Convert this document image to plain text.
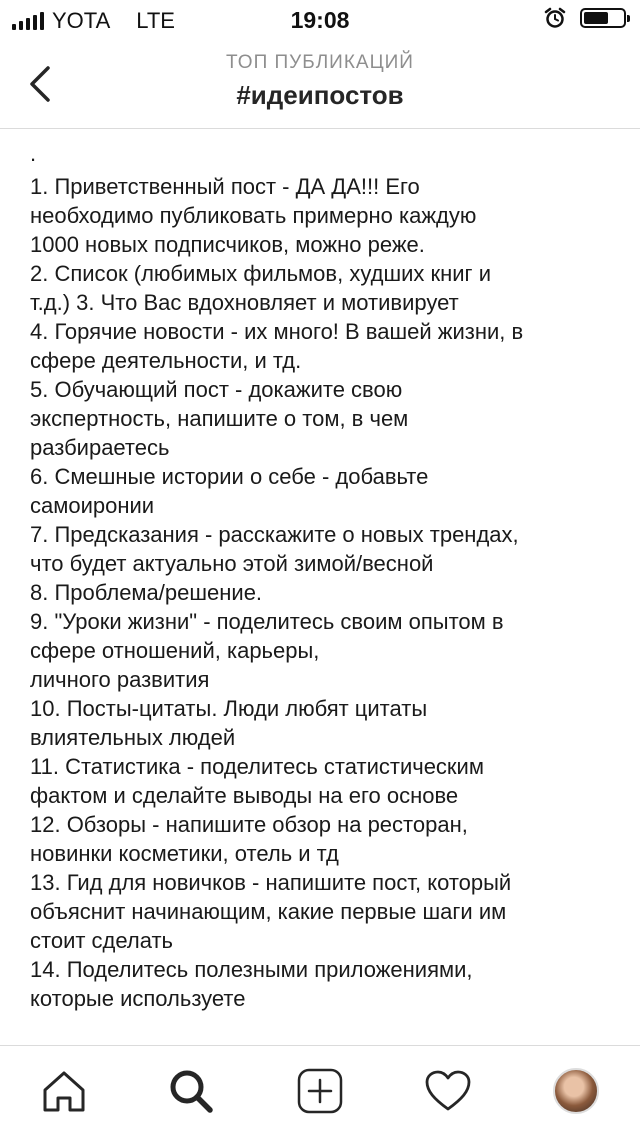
YOTA LTE	19:08
ТОП ПУБЛИКАЦИЙ
#идеипостов
.
1. Приветственный пост - ДА ДА!!! Его
необходимо публиковать примерно каждую
1000 новых подписчиков, можно реже.
2. Список (любимых фильмов, худших книг и
т.д.) 3. Что Вас вдохновляет и мотивирует
4. Горячие новости - их много! В вашей жизни, в
сфере деятельности, и тд.
5. Обучающий пост - докажите свою
экспертность, напишите о том, в чем
разбираетесь
6. Смешные истории о себе - добавьте
самоиронии
7. Предсказания - расскажите о новых трендах,
что будет актуально этой зимой/весной
8. Проблема/решение.
9. "Уроки жизни" - поделитесь своим опытом в
сфере отношений, карьеры,
личного развития
10. Посты-цитаты. Люди любят цитаты
влиятельных людей
11. Статистика - поделитесь статистическим
фактом и сделайте выводы на его основе
12. Обзоры - напишите обзор на ресторан,
новинки косметики, отель и тд
13. Гид для новичков - напишите пост, который
объяснит начинающим, какие первые шаги им
стоит сделать
14. Поделитесь полезными приложениями,
которые используете
